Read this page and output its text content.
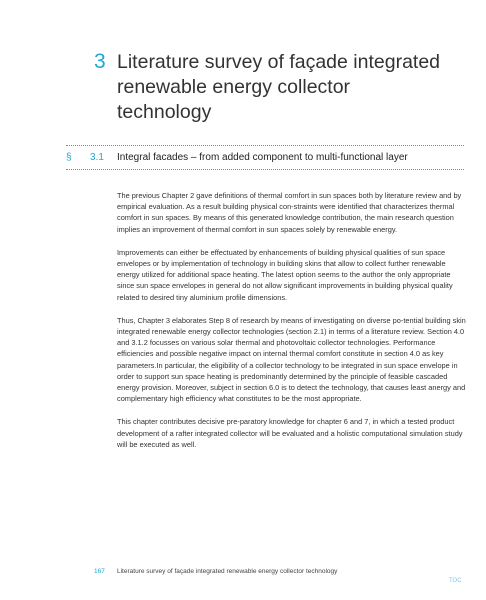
3 Literature survey of façade integrated renewable energy collector technology
§ 3.1 Integral facades – from added component to multi-functional layer

The previous Chapter 2 gave definitions of thermal comfort in sun spaces both by literature review and by empirical evaluation. As a result building physical con-straints were identified that characterizes thermal comfort in sun spaces. By means of this generated knowledge contribution, the main research question implies an improvement of thermal comfort in sun spaces solely by renewable energy.

Improvements can either be effectuated by enhancements of building physical qualities of sun space envelopes or by implementation of technology in building skins that allow to collect further renewable energy utilized for additional space heating. The latest option seems to the author the only appropriate since sun space envelopes in general do not allow significant improvements in building physical quality related to desired tiny aluminium profile dimensions.

Thus, Chapter 3 elaborates Step 8 of research by means of investigating on diverse po-tential building skin integrated renewable energy collector technologies (section 2.1) in terms of a literature review. Section 4.0 and 3.1.2 focusses on various solar thermal and photovoltaic collector technologies. Performance efficiencies and possible negative impact on internal thermal comfort constitute in section 4.0 as key parameters.In particular, the eligibility of a collector technology to be integrated in sun space envelope in order to support sun space heating is predominantly determined by the principle of feasible cascaded energy provision. Moreover, subject in section 6.0 is to detect the technology, that causes least anergy and complementary high efficiency what constitutes to be the most appropriate.

This chapter contributes decisive pre-paratory knowledge for chapter 6 and 7, in which a tested product development of a rafter integrated collector will be evaluated and a holistic computational simulation study will be executed as well.

167 Literature survey of façade integrated renewable energy collector technology
TOC
